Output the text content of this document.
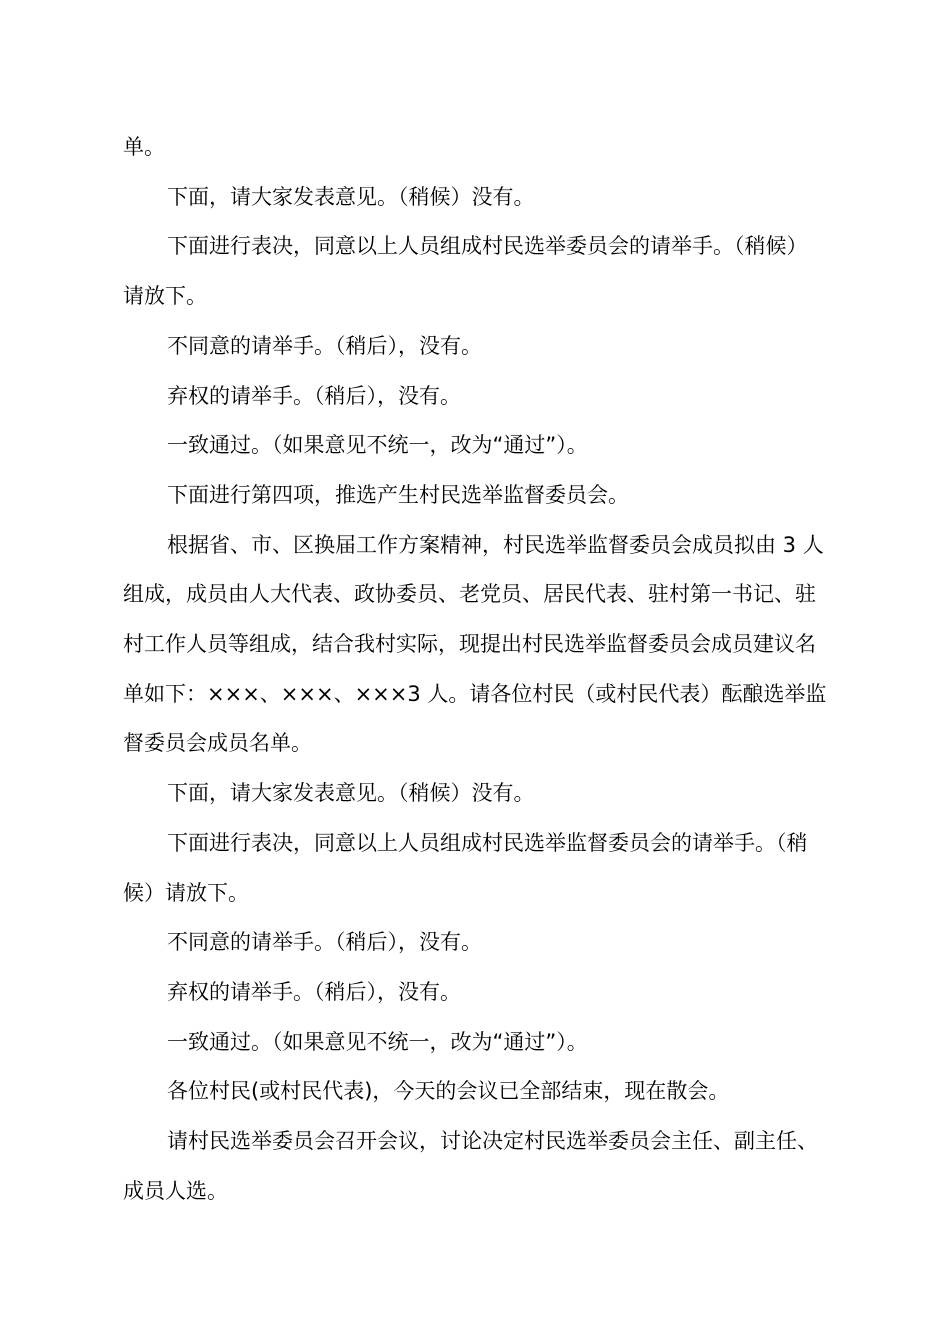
单。

下面，请大家发表意见。（稍候）没有。

下面进行表决，同意以上人员组成村民选举委员会的请举手。（稍候）请放下。

不同意的请举手。（稍后），没有。

弃权的请举手。（稍后），没有。

一致通过。（如果意见不统一，改为“通过”）。

下面进行第四项，推选产生村民选举监督委员会。

根据省、市、区换届工作方案精神，村民选举监督委员会成员拟由 3 人组成，成员由人大代表、政协委员、老党员、居民代表、驻村第一书记、驻村工作人员等组成，结合我村实际，现提出村民选举监督委员会成员建议名单如下：×××、×××、×××3 人。请各位村民（或村民代表）酝酿选举监督委员会成员名单。

下面，请大家发表意见。（稍候）没有。

下面进行表决，同意以上人员组成村民选举监督委员会的请举手。（稍候）请放下。

不同意的请举手。（稍后），没有。

弃权的请举手。（稍后），没有。

一致通过。（如果意见不统一，改为“通过”）。

各位村民(或村民代表)，今天的会议已全部结束，现在散会。

请村民选举委员会召开会议，讨论决定村民选举委员会主任、副主任、成员人选。
